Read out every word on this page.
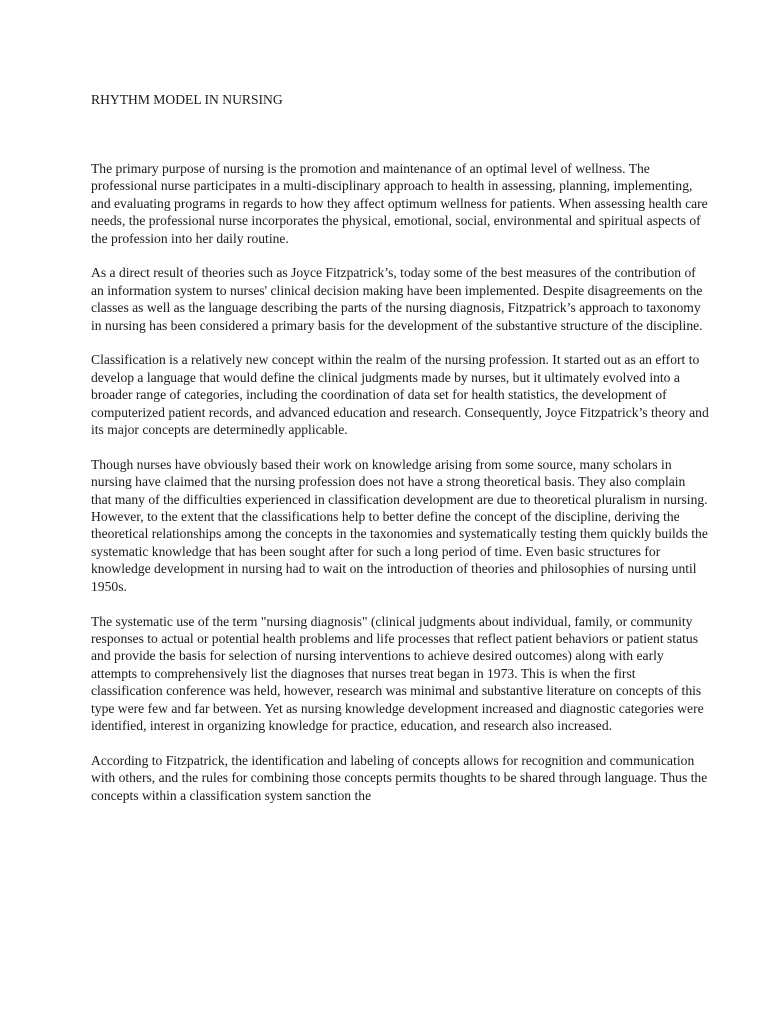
RHYTHM MODEL IN NURSING

The primary purpose of nursing is the promotion and maintenance of an optimal level of wellness. The professional nurse participates in a multi-disciplinary approach to health in assessing, planning, implementing, and evaluating programs in regards to how they affect optimum wellness for patients. When assessing health care needs, the professional nurse incorporates the physical, emotional, social, environmental and spiritual aspects of the profession into her daily routine.

As a direct result of theories such as Joyce Fitzpatrick’s, today some of the best measures of the contribution of an information system to nurses' clinical decision making have been implemented. Despite disagreements on the classes as well as the language describing the parts of the nursing diagnosis, Fitzpatrick’s approach to taxonomy in nursing has been considered a primary basis for the development of the substantive structure of the discipline.

Classification is a relatively new concept within the realm of the nursing profession. It started out as an effort to develop a language that would define the clinical judgments made by nurses, but it ultimately evolved into a broader range of categories, including the coordination of data set for health statistics, the development of computerized patient records, and advanced education and research. Consequently, Joyce Fitzpatrick’s theory and its major concepts are determinedly applicable.

Though nurses have obviously based their work on knowledge arising from some source, many scholars in nursing have claimed that the nursing profession does not have a strong theoretical basis. They also complain that many of the difficulties experienced in classification development are due to theoretical pluralism in nursing. However, to the extent that the classifications help to better define the concept of the discipline, deriving the theoretical relationships among the concepts in the taxonomies and systematically testing them quickly builds the systematic knowledge that has been sought after for such a long period of time. Even basic structures for knowledge development in nursing had to wait on the introduction of theories and philosophies of nursing until 1950s.

The systematic use of the term "nursing diagnosis" (clinical judgments about individual, family, or community responses to actual or potential health problems and life processes that reflect patient behaviors or patient status and provide the basis for selection of nursing interventions to achieve desired outcomes) along with early attempts to comprehensively list the diagnoses that nurses treat began in 1973. This is when the first classification conference was held, however, research was minimal and substantive literature on concepts of this type were few and far between. Yet as nursing knowledge development increased and diagnostic categories were identified, interest in organizing knowledge for practice, education, and research also increased.

According to Fitzpatrick, the identification and labeling of concepts allows for recognition and communication with others, and the rules for combining those concepts permits thoughts to be shared through language. Thus the concepts within a classification system sanction the
